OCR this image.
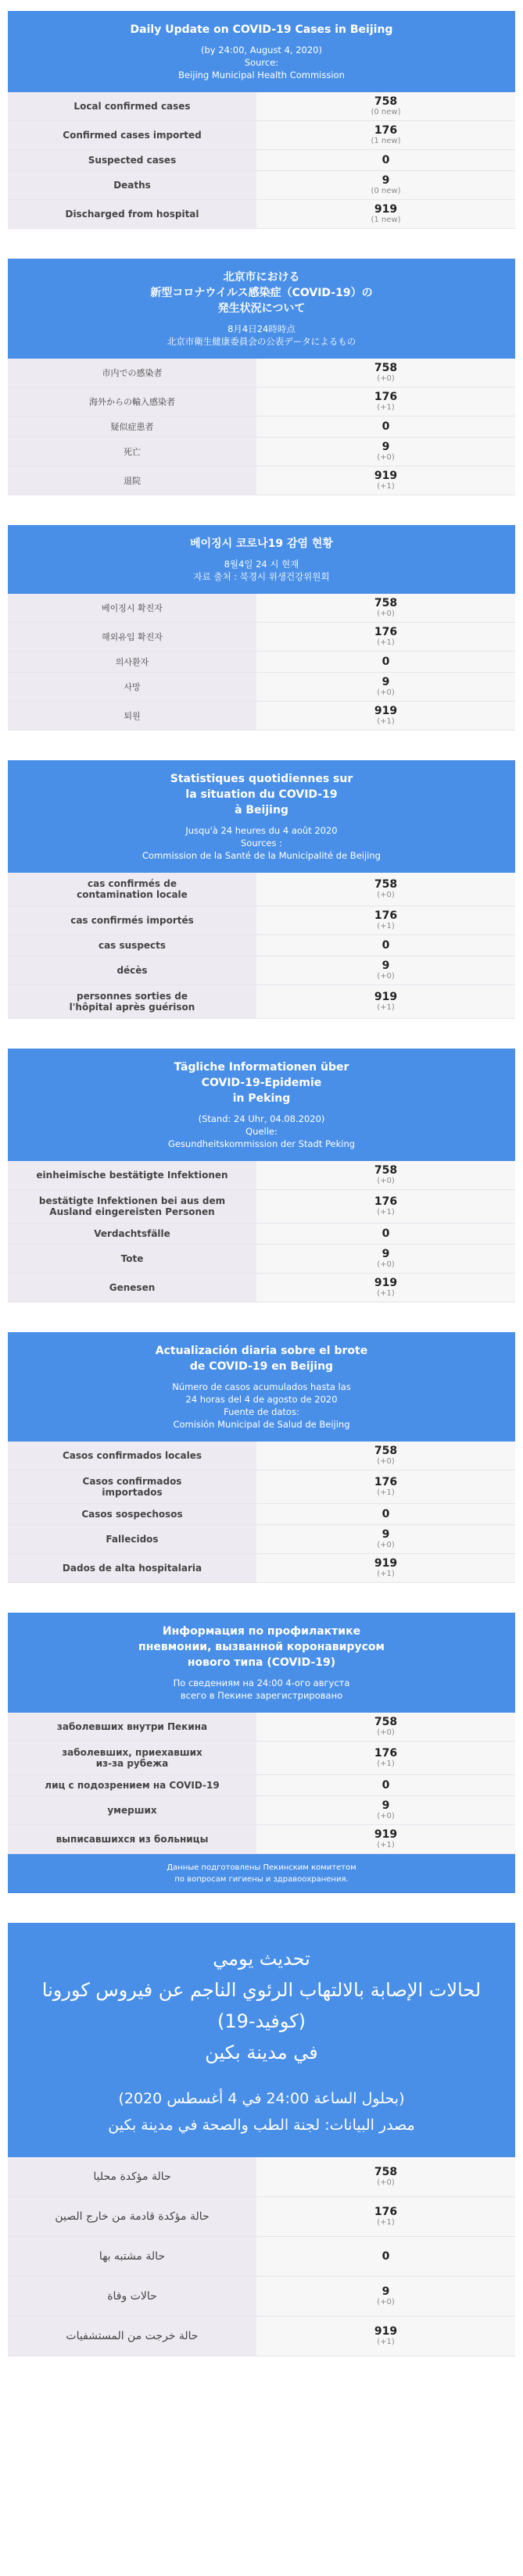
Daily Update on COVID-19 Cases in Beijing
(by 24:00, August 4, 2020)
Source:
Beijing Municipal Health Commission
Local confirmed cases	758
(0 new)
Confirmed cases imported	176
(1 new)
Suspected cases	0
Deaths	9
(0 new)
Discharged from hospital	919
(1 new)
北京市における
新型コロナウイルス感染症（COVID-19）の
発生状況について
8月4日24時時点
北京市衛生健康委員会の公表データによるもの
市内での感染者	758
(+0)
海外からの輸入感染者	176
(+1)
疑似症患者	0
死亡	9
(+0)
退院	919
(+1)
베이징시 코로나19 감염 현황
8월4일 24 시 현재
자료 출처 : 북경시 위생건강위원회
베이징시 확진자	758
(+0)
해외유입 확진자	176
(+1)
의사환자	0
사망	9
(+0)
퇴원	919
(+1)
Statistiques quotidiennes sur
la situation du COVID-19
à Beijing
Jusqu'à 24 heures du 4 août 2020
Sources :
Commission de la Santé de la Municipalité de Beijing
cas confirmés de
contamination locale
758
(+0)
cas confirmés importés	176
(+1)
cas suspects	0
décès	9
(+0)
personnes sorties de
l'hôpital après guérison
919
(+1)
Tägliche Informationen über
COVID-19-Epidemie
in Peking
(Stand: 24 Uhr, 04.08.2020)
Quelle:
Gesundheitskommission der Stadt Peking
einheimische bestätigte Infektionen	758
(+0)
bestätigte Infektionen bei aus dem
Ausland eingereisten Personen
176
(+1)
Verdachtsfälle	0
Tote	9
(+0)
Genesen	919
(+1)
Actualización diaria sobre el brote
de COVID-19 en Beijing
Número de casos acumulados hasta las
24 horas del 4 de agosto de 2020
Fuente de datos:
Comisión Municipal de Salud de Beijing
Casos confirmados locales	758
(+0)
Casos confirmados
importados
176
(+1)
Casos sospechosos	0
Fallecidos	9
(+0)
Dados de alta hospitalaria	919
(+1)
Информация по профилактике
пневмонии, вызванной коронавирусом
нового типа (COVID-19)
По сведениям на 24:00 4-ого августа
всего в Пекине зарегистрировано
заболевших внутри Пекина	758
(+0)
заболевших, приехавших
из-за рубежа
176
(+1)
лиц с подозрением на COVID-19	0
умерших	9
(+0)
выписавшихся из больницы	919
(+1)
Данные подготовлены Пекинским комитетом
по вопросам гигиены и здравоохранения.
تحديث يومي
لحالات الإصابة بالالتهاب الرئوي الناجم عن فيروس كورونا (كوفيد-19)
في مدينة بكين
(بحلول الساعة 24:00 في 4 أغسطس 2020)
مصدر البيانات: لجنة الطب والصحة في مدينة بكين
حالة مؤكدة محليا	758
(+0)
حالة مؤكدة قادمة من خارج الصين	176
(+1)
حالة مشتبه بها	0
حالات وفاة	9
(+0)
حالة خرجت من المستشفيات	919
(+1)
